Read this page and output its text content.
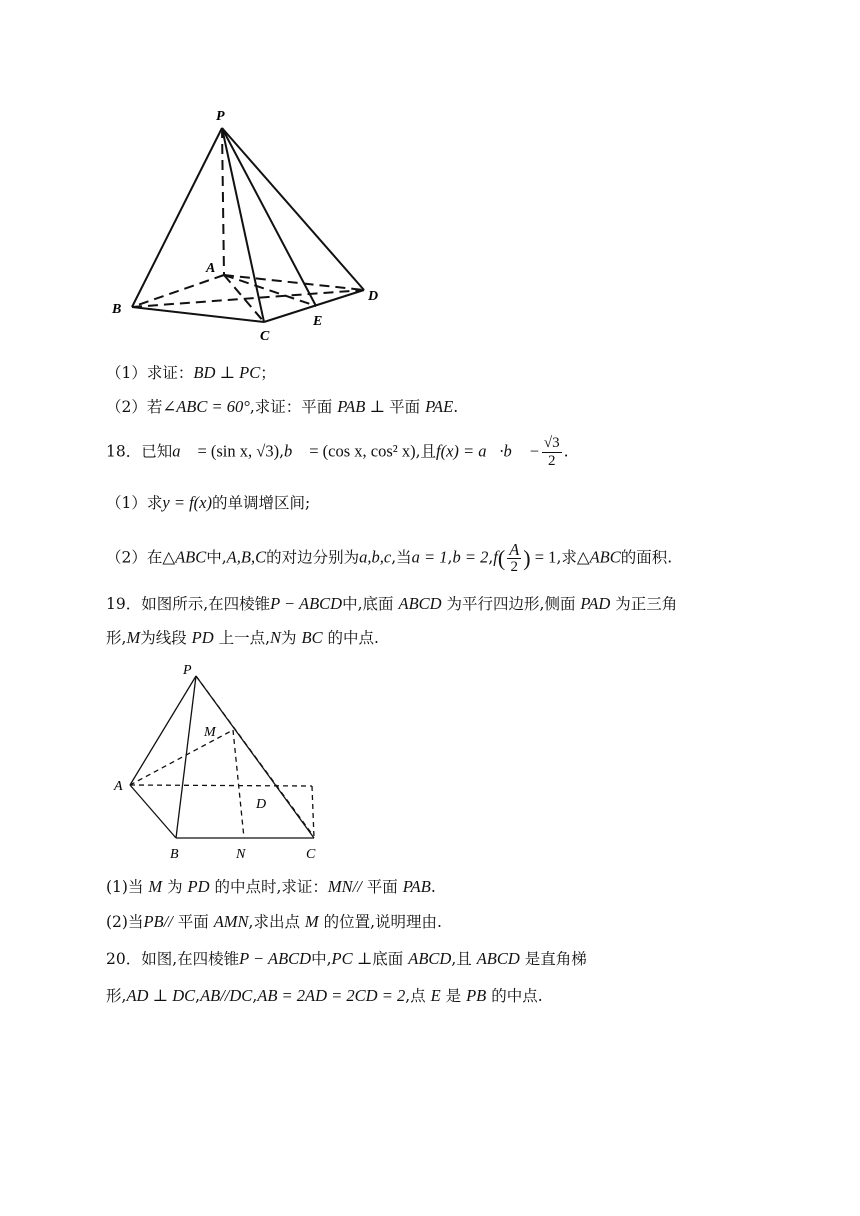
P
A
B
C
D
E

（1）求证：BD ⊥ PC；

（2）若∠ABC = 60°,求证：平面 PAB ⊥ 平面 PAE.

18．已知a⃗ = (sin x, √3),b⃗ = (cos x, cos² x),且f(x) = a⃗·b⃗ − $\frac{√3}{2}$ .

（1）求y = f(x)的单调增区间;

（2）在△ABC中,A,B,C的对边分别为a,b,c,当$a = 1,b = 2,f( \frac{A}{2}$ ) = 1,求△ABC的面积.

19．如图所示,在四棱锥P − ABCD中,底面 ABCD 为平行四边形,侧面 PAD 为正三角

形,M为线段 PD 上一点,N为 BC 的中点.

P
M
A
D
B	N	C

(1)当 M 为 PD 的中点时,求证：MN// 平面 PAB.

(2)当PB// 平面 AMN,求出点 M 的位置,说明理由.

20．如图,在四棱锥P − ABCD中,PC ⊥底面 ABCD,且 ABCD 是直角梯

形,AD ⊥ DC,AB//DC,AB = 2AD = 2CD = 2,点 E 是 PB 的中点.
